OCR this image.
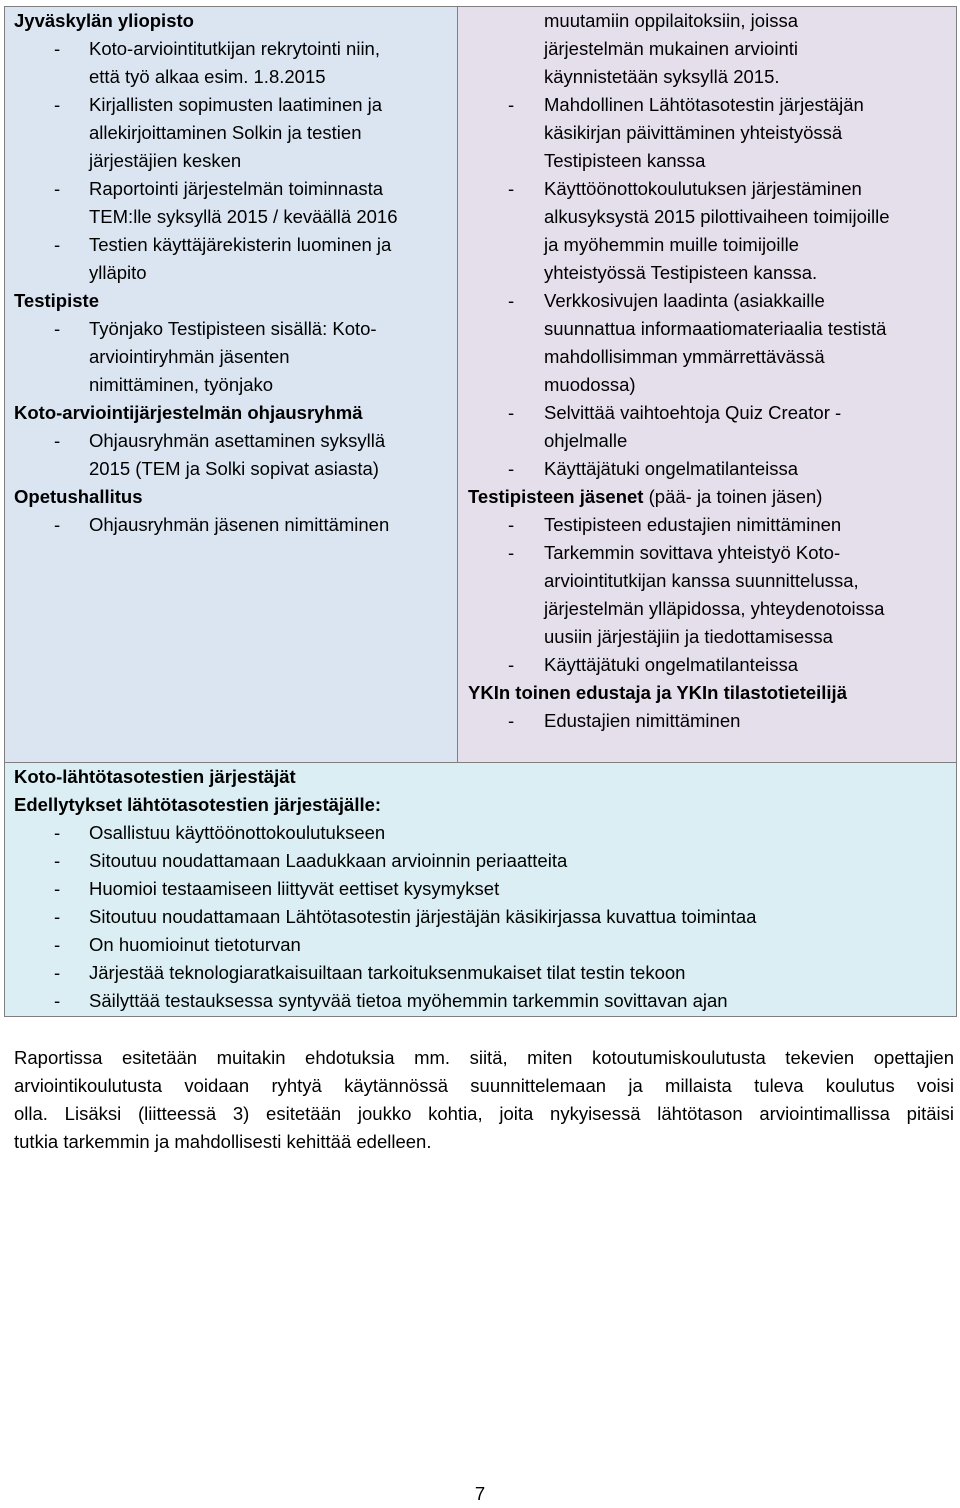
Jyväskylän yliopisto
- Koto-arviointitutkijan rekrytointi niin,
että työ alkaa esim. 1.8.2015
- Kirjallisten sopimusten laatiminen ja
allekirjoittaminen Solkin ja testien
järjestäjien kesken
- Raportointi järjestelmän toiminnasta
TEM:lle syksyllä 2015 / keväällä 2016
- Testien käyttäjärekisterin luominen ja
ylläpito
Testipiste
- Työnjako Testipisteen sisällä: Koto-
arviointiryhmän jäsenten
nimittäminen, työnjako
Koto-arviointijärjestelmän ohjausryhmä
- Ohjausryhmän asettaminen syksyllä
2015 (TEM ja Solki sopivat asiasta)
Opetushallitus
- Ohjausryhmän jäsenen nimittäminen
muutamiin oppilaitoksiin, joissa
järjestelmän mukainen arviointi
käynnistetään syksyllä 2015.
- Mahdollinen Lähtötasotestin järjestäjän
käsikirjan päivittäminen yhteistyössä
Testipisteen kanssa
- Käyttöönottokoulutuksen järjestäminen
alkusyksystä 2015 pilottivaiheen toimijoille
ja myöhemmin muille toimijoille
yhteistyössä Testipisteen kanssa.
- Verkkosivujen laadinta (asiakkaille
suunnattua informaatiomateriaalia testistä
mahdollisimman ymmärrettävässä
muodossa)
- Selvittää vaihtoehtoja Quiz Creator -
ohjelmalle
- Käyttäjätuki ongelmatilanteissa
Testipisteen jäsenet (pää- ja toinen jäsen)
- Testipisteen edustajien nimittäminen
- Tarkemmin sovittava yhteistyö Koto-
arviointitutkijan kanssa suunnittelussa,
järjestelmän ylläpidossa, yhteydenotoissa
uusiin järjestäjiin ja tiedottamisessa
- Käyttäjätuki ongelmatilanteissa
YKIn toinen edustaja ja YKIn tilastotieteilijä
- Edustajien nimittäminen
Koto-lähtötasotestien järjestäjät
Edellytykset lähtötasotestien järjestäjälle:
- Osallistuu käyttöönottokoulutukseen
- Sitoutuu noudattamaan Laadukkaan arvioinnin periaatteita
- Huomioi testaamiseen liittyvät eettiset kysymykset
- Sitoutuu noudattamaan Lähtötasotestin järjestäjän käsikirjassa kuvattua toimintaa
- On huomioinut tietoturvan
- Järjestää teknologiaratkaisuiltaan tarkoituksenmukaiset tilat testin tekoon
- Säilyttää testauksessa syntyvää tietoa myöhemmin tarkemmin sovittavan ajan
Raportissa esitetään muitakin ehdotuksia mm. siitä, miten kotoutumiskoulutusta tekevien opettajien
arviointikoulutusta voidaan ryhtyä käytännössä suunnittelemaan ja millaista tuleva koulutus voisi
olla. Lisäksi (liitteessä 3) esitetään joukko kohtia, joita nykyisessä lähtötason arviointimallissa pitäisi
tutkia tarkemmin ja mahdollisesti kehittää edelleen.
7
